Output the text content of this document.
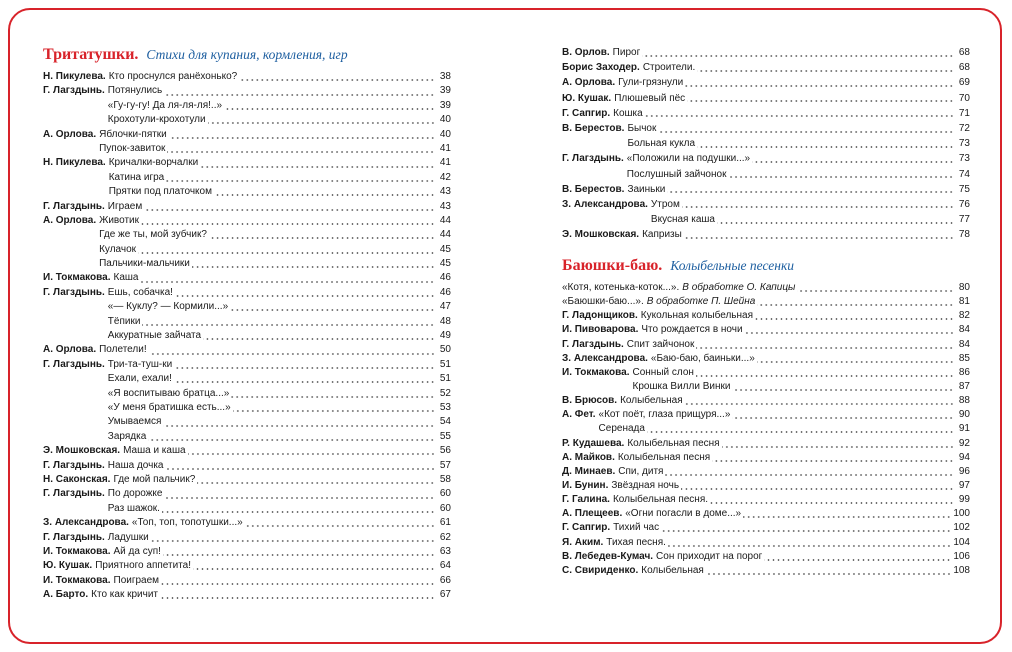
Тритатушки. Стихи для купания, кормления, игр
Н. Пикулева. Кто проснулся ранёхонько?	38
Г. Лагздынь. Потянулись	39
«Гу-гу-гу! Да ля-ля-ля!..»	39
Крохотули-крохотули	40
А. Орлова. Яблочки-пятки	40
Пупок-завиток	41
Н. Пикулева. Кричалки-ворчалки	41
Катина игра	42
Прятки под платочком	43
Г. Лагздынь. Играем	43
А. Орлова. Животик	44
Где же ты, мой зубчик?	44
Кулачок	45
Пальчики-мальчики	45
И. Токмакова. Каша	46
Г. Лагздынь. Ешь, собачка!	46
«— Куклу? — Кормили...»	47
Тёпики	48
Аккуратные зайчата	49
А. Орлова. Полетели!	50
Г. Лагздынь. Три-та-туш-ки	51
Ехали, ехали!	51
«Я воспитываю братца...»	52
«У меня братишка есть...»	53
Умываемся	54
Зарядка	55
Э. Мошковская. Маша и каша	56
Г. Лагздынь. Наша дочка	57
Н. Саконская. Где мой пальчик?	58
Г. Лагздынь. По дорожке	60
Раз шажок.	60
З. Александрова. «Топ, топ, топотушки...»	61
Г. Лагздынь. Ладушки	62
И. Токмакова. Ай да суп!	63
Ю. Кушак. Приятного аппетита!	64
И. Токмакова. Поиграем	66
А. Барто. Кто как кричит	67
В. Орлов. Пирог	68
Борис Заходер. Строители.	68
А. Орлова. Гули-грязнули	69
Ю. Кушак. Плюшевый пёс	70
Г. Сапгир. Кошка	71
В. Берестов. Бычок	72
Больная кукла	73
Г. Лагздынь. «Положили на подушки...»	73
Послушный зайчонок	74
В. Берестов. Заиньки	75
З. Александрова. Утром	76
Вкусная каша	77
Э. Мошковская. Капризы	78
Баюшки-баю. Колыбельные песенки
«Котя, котенька-коток...». В обработке О. Капицы	80
«Баюшки-баю...». В обработке П. Шейна	81
Г. Ладонщиков. Кукольная колыбельная	82
И. Пивоварова. Что рождается в ночи	84
Г. Лагздынь. Спит зайчонок	84
З. Александрова. «Баю-баю, баиньки...»	85
И. Токмакова. Сонный слон	86
Крошка Вилли Винки	87
В. Брюсов. Колыбельная	88
А. Фет. «Кот поёт, глаза прищуря...»	90
Серенада	91
Р. Кудашева. Колыбельная песня	92
А. Майков. Колыбельная песня	94
Д. Минаев. Спи, дитя	96
И. Бунин. Звёздная ночь	97
Г. Галина. Колыбельная песня.	99
А. Плещеев. «Огни погасли в доме...»	100
Г. Сапгир. Тихий час	102
Я. Аким. Тихая песня.	104
В. Лебедев-Кумач. Сон приходит на порог	106
С. Свириденко. Колыбельная	108
